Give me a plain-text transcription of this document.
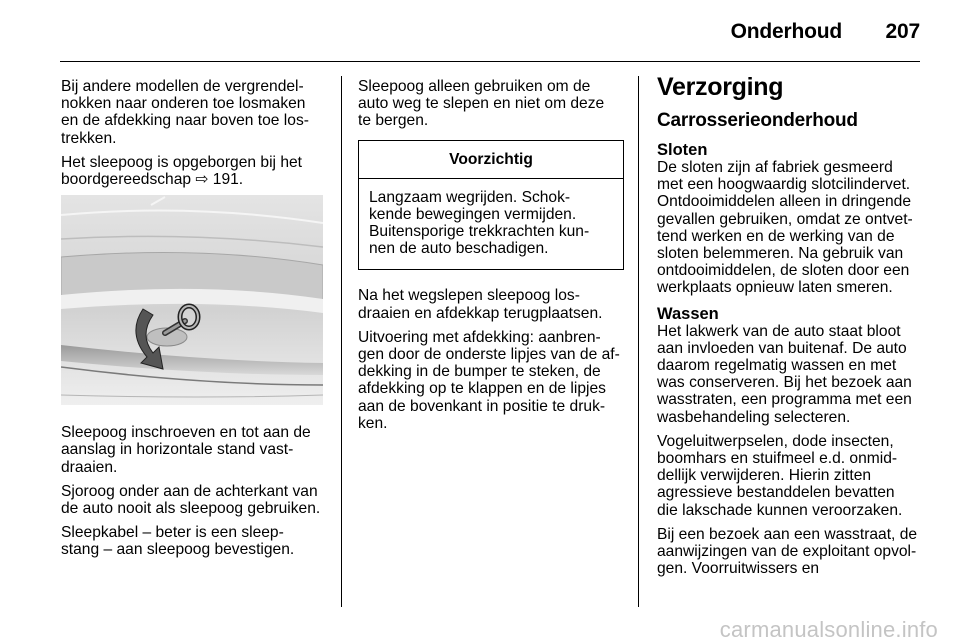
Onderhoud 207

Bij andere modellen de vergrendel-
nokken naar onderen toe losmaken
en de afdekking naar boven toe los-
trekken.

Het sleepoog is opgeborgen bij het
boordgereedschap ⇨ 191.

Sleepoog inschroeven en tot aan de
aanslag in horizontale stand vast-
draaien.

Sjoroog onder aan de achterkant van
de auto nooit als sleepoog gebruiken.

Sleepkabel – beter is een sleep-
stang – aan sleepoog bevestigen.

Sleepoog alleen gebruiken om de
auto weg te slepen en niet om deze
te bergen.

Voorzichtig
Langzaam wegrijden. Schok-
kende bewegingen vermijden.
Buitensporige trekkrachten kun-
nen de auto beschadigen.

Na het wegslepen sleepoog los-
draaien en afdekkap terugplaatsen.

Uitvoering met afdekking: aanbren-
gen door de onderste lipjes van de af-
dekking in de bumper te steken, de
afdekking op te klappen en de lipjes
aan de bovenkant in positie te druk-
ken.

Verzorging
Carrosserieonderhoud
Sloten
De sloten zijn af fabriek gesmeerd
met een hoogwaardig slotcilindervet.
Ontdooimiddelen alleen in dringende
gevallen gebruiken, omdat ze ontvet-
tend werken en de werking van de
sloten belemmeren. Na gebruik van
ontdooimiddelen, de sloten door een
werkplaats opnieuw laten smeren.
Wassen

Het lakwerk van de auto staat bloot
aan invloeden van buitenaf. De auto
daarom regelmatig wassen en met
was conserveren. Bij het bezoek aan
wasstraten, een programma met een
wasbehandeling selecteren.

Vogeluitwerpselen, dode insecten,
boomhars en stuifmeel e.d. onmid-
dellijk verwijderen. Hierin zitten
agressieve bestanddelen bevatten
die lakschade kunnen veroorzaken.

Bij een bezoek aan een wasstraat, de
aanwijzingen van de exploitant opvol-
gen. Voorruitwissers en

carmanualsonline.info
